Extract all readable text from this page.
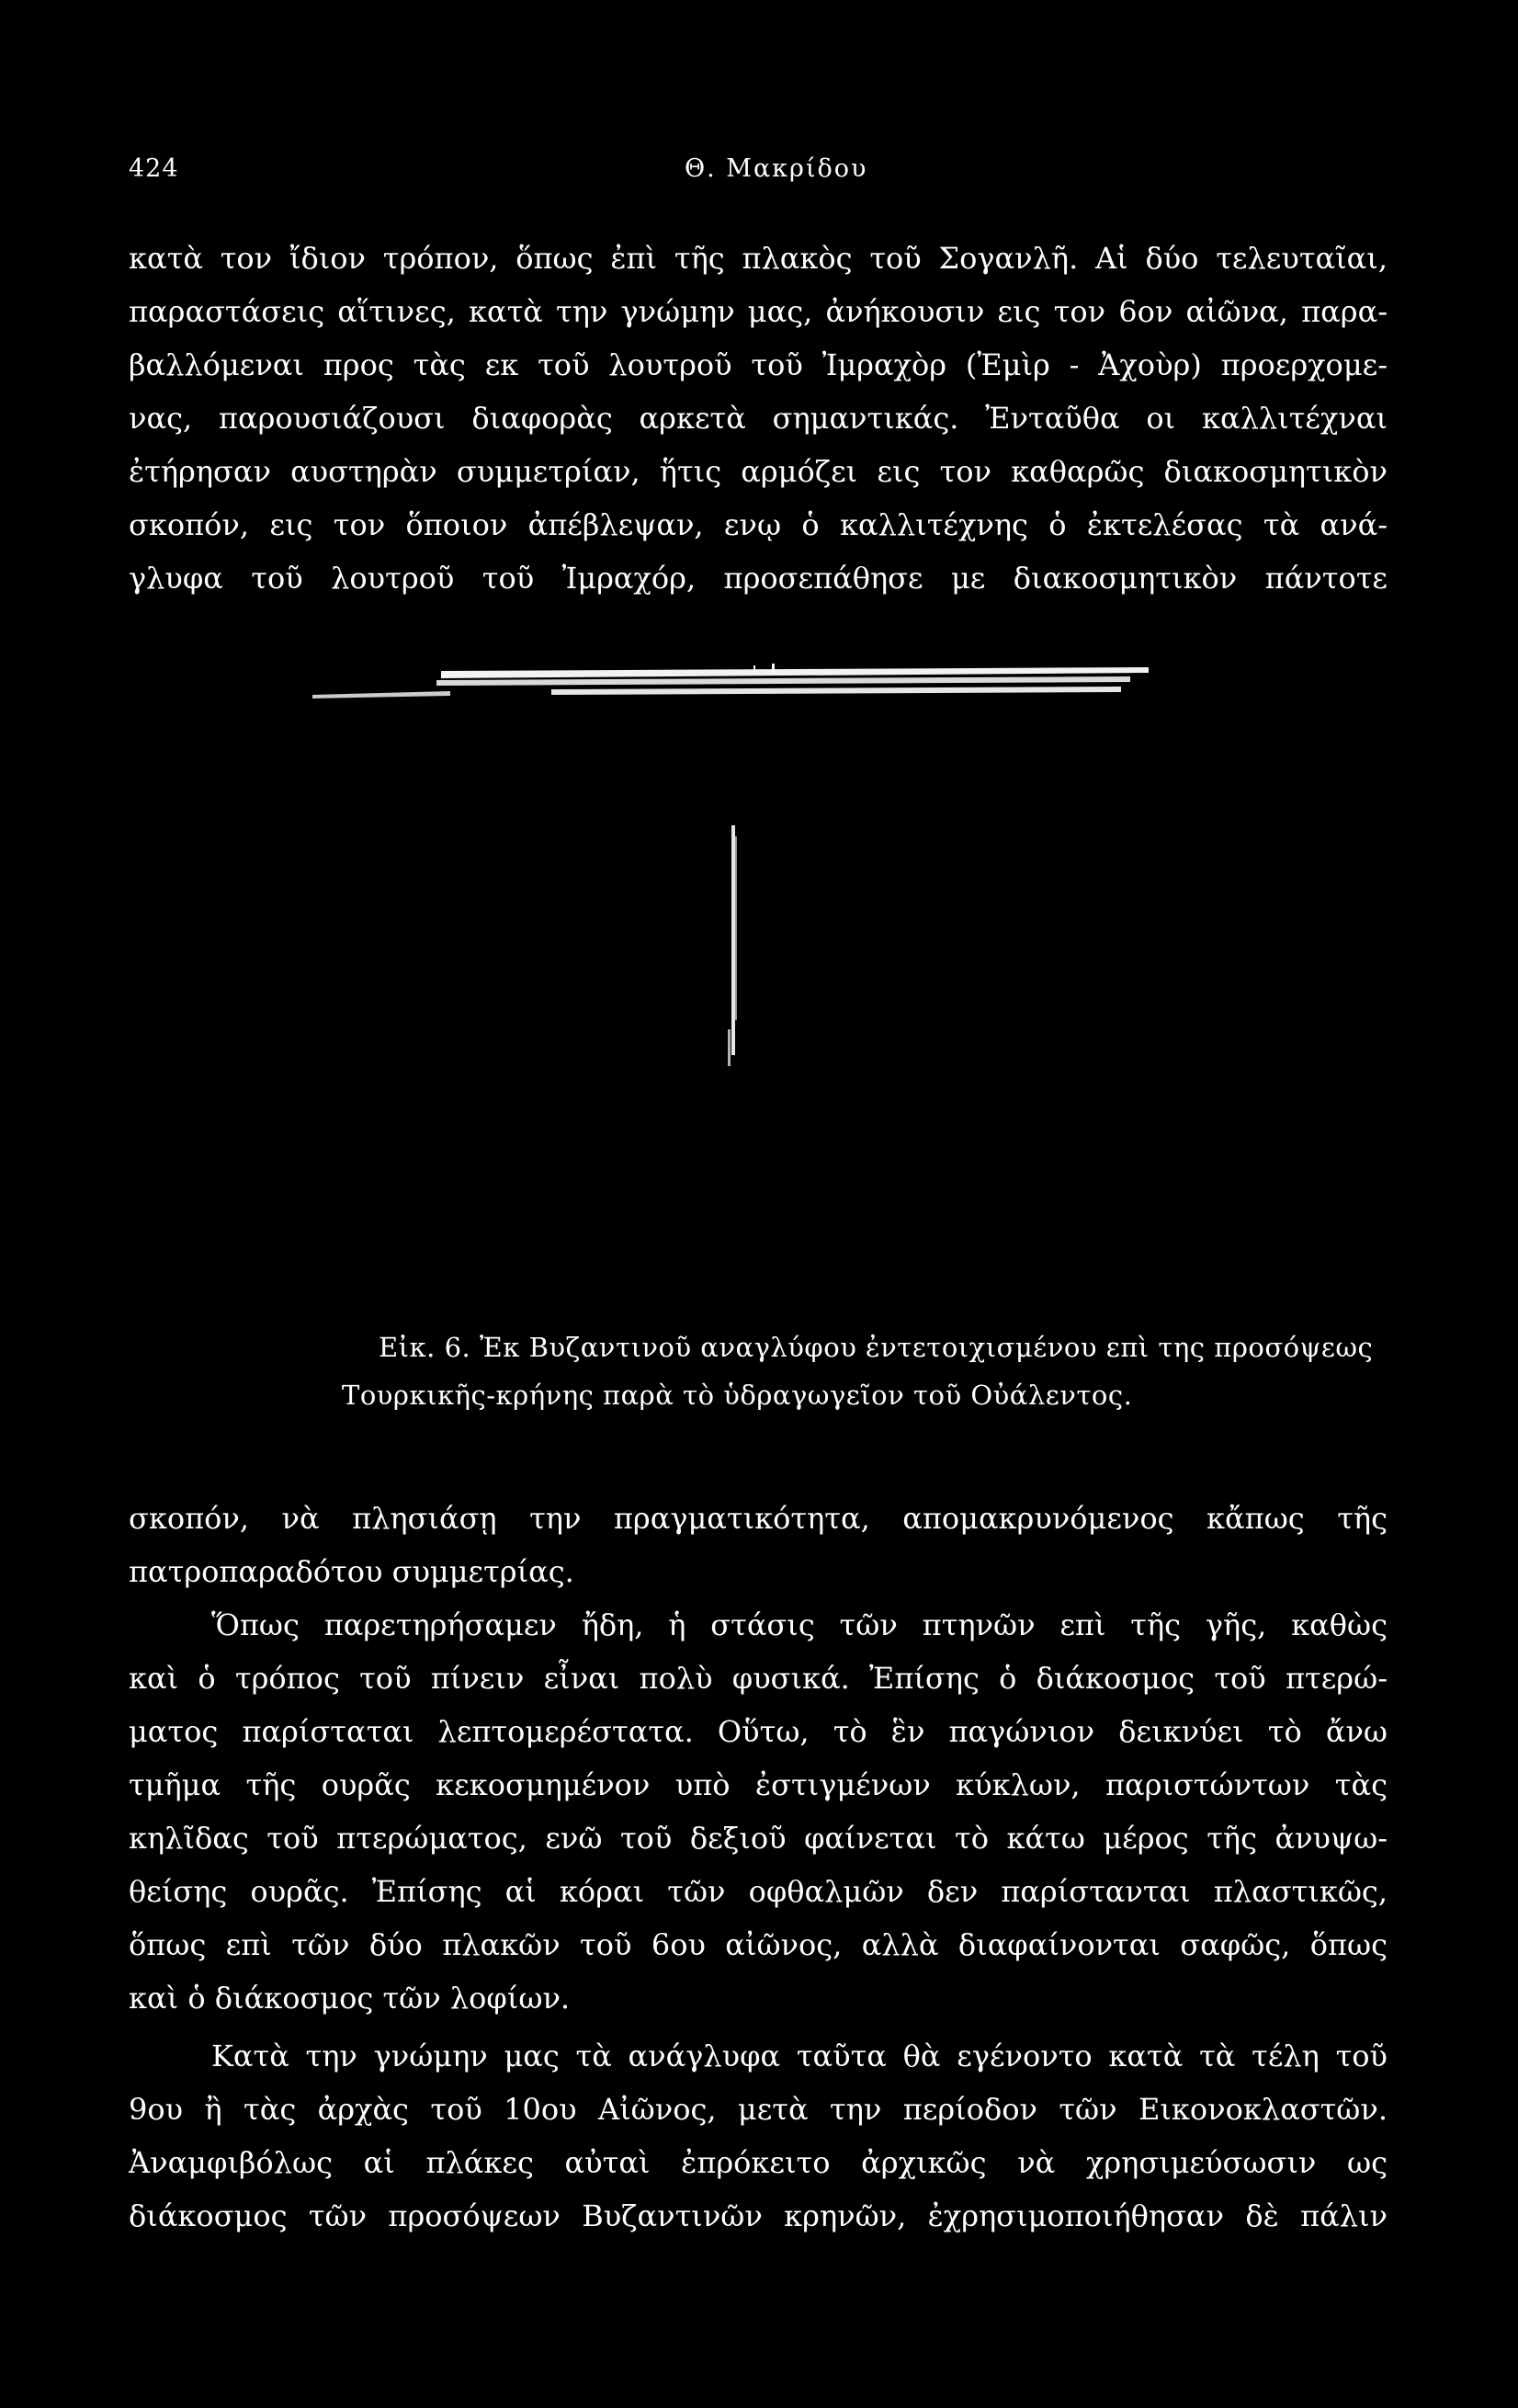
424	Θ. Μακρίδου
κατὰ τον ἴδιον τρόπον, ὅπως ἐπὶ τῆς πλακὸς τοῦ Σογανλῆ. Αἱ δύο τελευταῖαι,
παραστάσεις αἵτινες, κατὰ την γνώμην μας, ἀνήκουσιν εις τον 6ον αἰῶνα, παρα-
βαλλόμεναι προς τὰς εκ τοῦ λουτροῦ τοῦ Ἰμραχὸρ (Ἐμὶρ - Ἀχοὺρ) προερχομε-
νας, παρουσιάζουσι διαφορὰς αρκετὰ σημαντικάς. Ἐνταῦθα οι καλλιτέχναι
ἐτήρησαν αυστηρὰν συμμετρίαν, ἥτις αρμόζει εις τον καθαρῶς διακοσμητικὸν
σκοπόν, εις τον ὅποιον ἀπέβλεψαν, ενῳ ὁ καλλιτέχνης ὁ ἐκτελέσας τὰ ανά-
γλυφα τοῦ λουτροῦ τοῦ Ἰμραχόρ, προσεπάθησε με διακοσμητικὸν πάντοτε
Εἰκ. 6. Ἐκ Βυζαντινοῦ αναγλύφου ἐντετοιχισμένου επὶ της προσόψεως
Τουρκικῆς-κρήνης παρὰ τὸ ὑδραγωγεῖον τοῦ Οὐάλεντος.
σκοπόν, νὰ πλησιάσῃ την πραγματικότητα, απομακρυνόμενος κἄπως τῆς
πατροπαραδότου συμμετρίας.
Ὅπως παρετηρήσαμεν ἤδη, ἡ στάσις τῶν πτηνῶν επὶ τῆς γῆς, καθὼς
καὶ ὁ τρόπος τοῦ πίνειν εἶναι πολὺ φυσικά. Ἐπίσης ὁ διάκοσμος τοῦ πτερώ-
ματος παρίσταται λεπτομερέστατα. Οὕτω, τὸ ἓν παγώνιον δεικνύει τὸ ἄνω
τμῆμα τῆς ουρᾶς κεκοσμημένον υπὸ ἐστιγμένων κύκλων, παριστώντων τὰς
κηλῖδας τοῦ πτερώματος, ενῶ τοῦ δεξιοῦ φαίνεται τὸ κάτω μέρος τῆς ἀνυψω-
θείσης ουρᾶς. Ἐπίσης αἱ κόραι τῶν οφθαλμῶν δεν παρίστανται πλαστικῶς,
ὅπως επὶ τῶν δύο πλακῶν τοῦ 6ου αἰῶνος, αλλὰ διαφαίνονται σαφῶς, ὅπως
καὶ ὁ διάκοσμος τῶν λοφίων.
Κατὰ την γνώμην μας τὰ ανάγλυφα ταῦτα θὰ εγένοντο κατὰ τὰ τέλη τοῦ
9ου ἢ τὰς ἀρχὰς τοῦ 10ου Αἰῶνος, μετὰ την περίοδον τῶν Εικονοκλαστῶν.
Ἀναμφιβόλως αἱ πλάκες αὐταὶ ἐπρόκειτο ἀρχικῶς νὰ χρησιμεύσωσιν ως
διάκοσμος τῶν προσόψεων Βυζαντινῶν κρηνῶν, ἐχρησιμοποιήθησαν δὲ πάλιν
